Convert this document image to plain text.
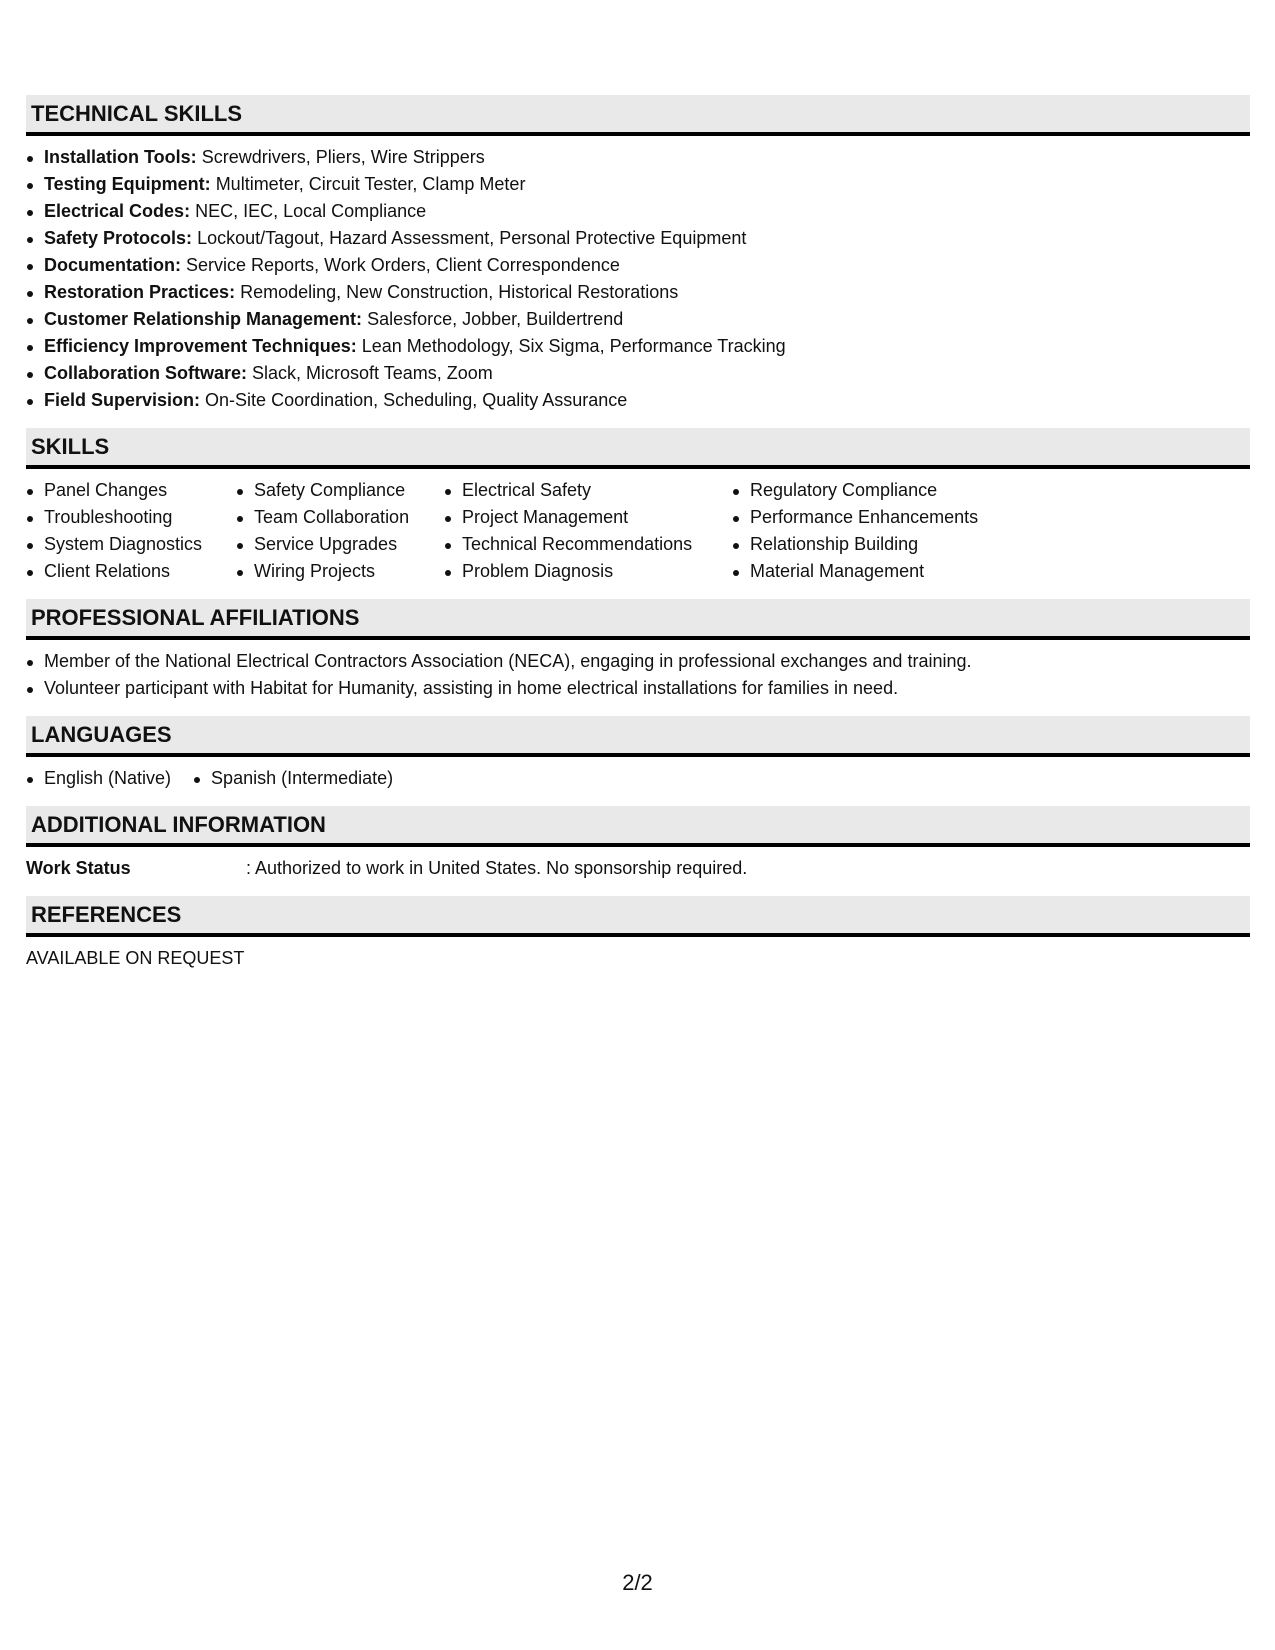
TECHNICAL SKILLS
Installation Tools: Screwdrivers, Pliers, Wire Strippers
Testing Equipment: Multimeter, Circuit Tester, Clamp Meter
Electrical Codes: NEC, IEC, Local Compliance
Safety Protocols: Lockout/Tagout, Hazard Assessment, Personal Protective Equipment
Documentation: Service Reports, Work Orders, Client Correspondence
Restoration Practices: Remodeling, New Construction, Historical Restorations
Customer Relationship Management: Salesforce, Jobber, Buildertrend
Efficiency Improvement Techniques: Lean Methodology, Six Sigma, Performance Tracking
Collaboration Software: Slack, Microsoft Teams, Zoom
Field Supervision: On-Site Coordination, Scheduling, Quality Assurance
SKILLS
Panel Changes
Troubleshooting
System Diagnostics
Client Relations
Safety Compliance
Team Collaboration
Service Upgrades
Wiring Projects
Electrical Safety
Project Management
Technical Recommendations
Problem Diagnosis
Regulatory Compliance
Performance Enhancements
Relationship Building
Material Management
PROFESSIONAL AFFILIATIONS
Member of the National Electrical Contractors Association (NECA), engaging in professional exchanges and training.
Volunteer participant with Habitat for Humanity, assisting in home electrical installations for families in need.
LANGUAGES
English (Native)	Spanish (Intermediate)
ADDITIONAL INFORMATION
Work Status	: Authorized to work in United States. No sponsorship required.
REFERENCES
AVAILABLE ON REQUEST
2/2
